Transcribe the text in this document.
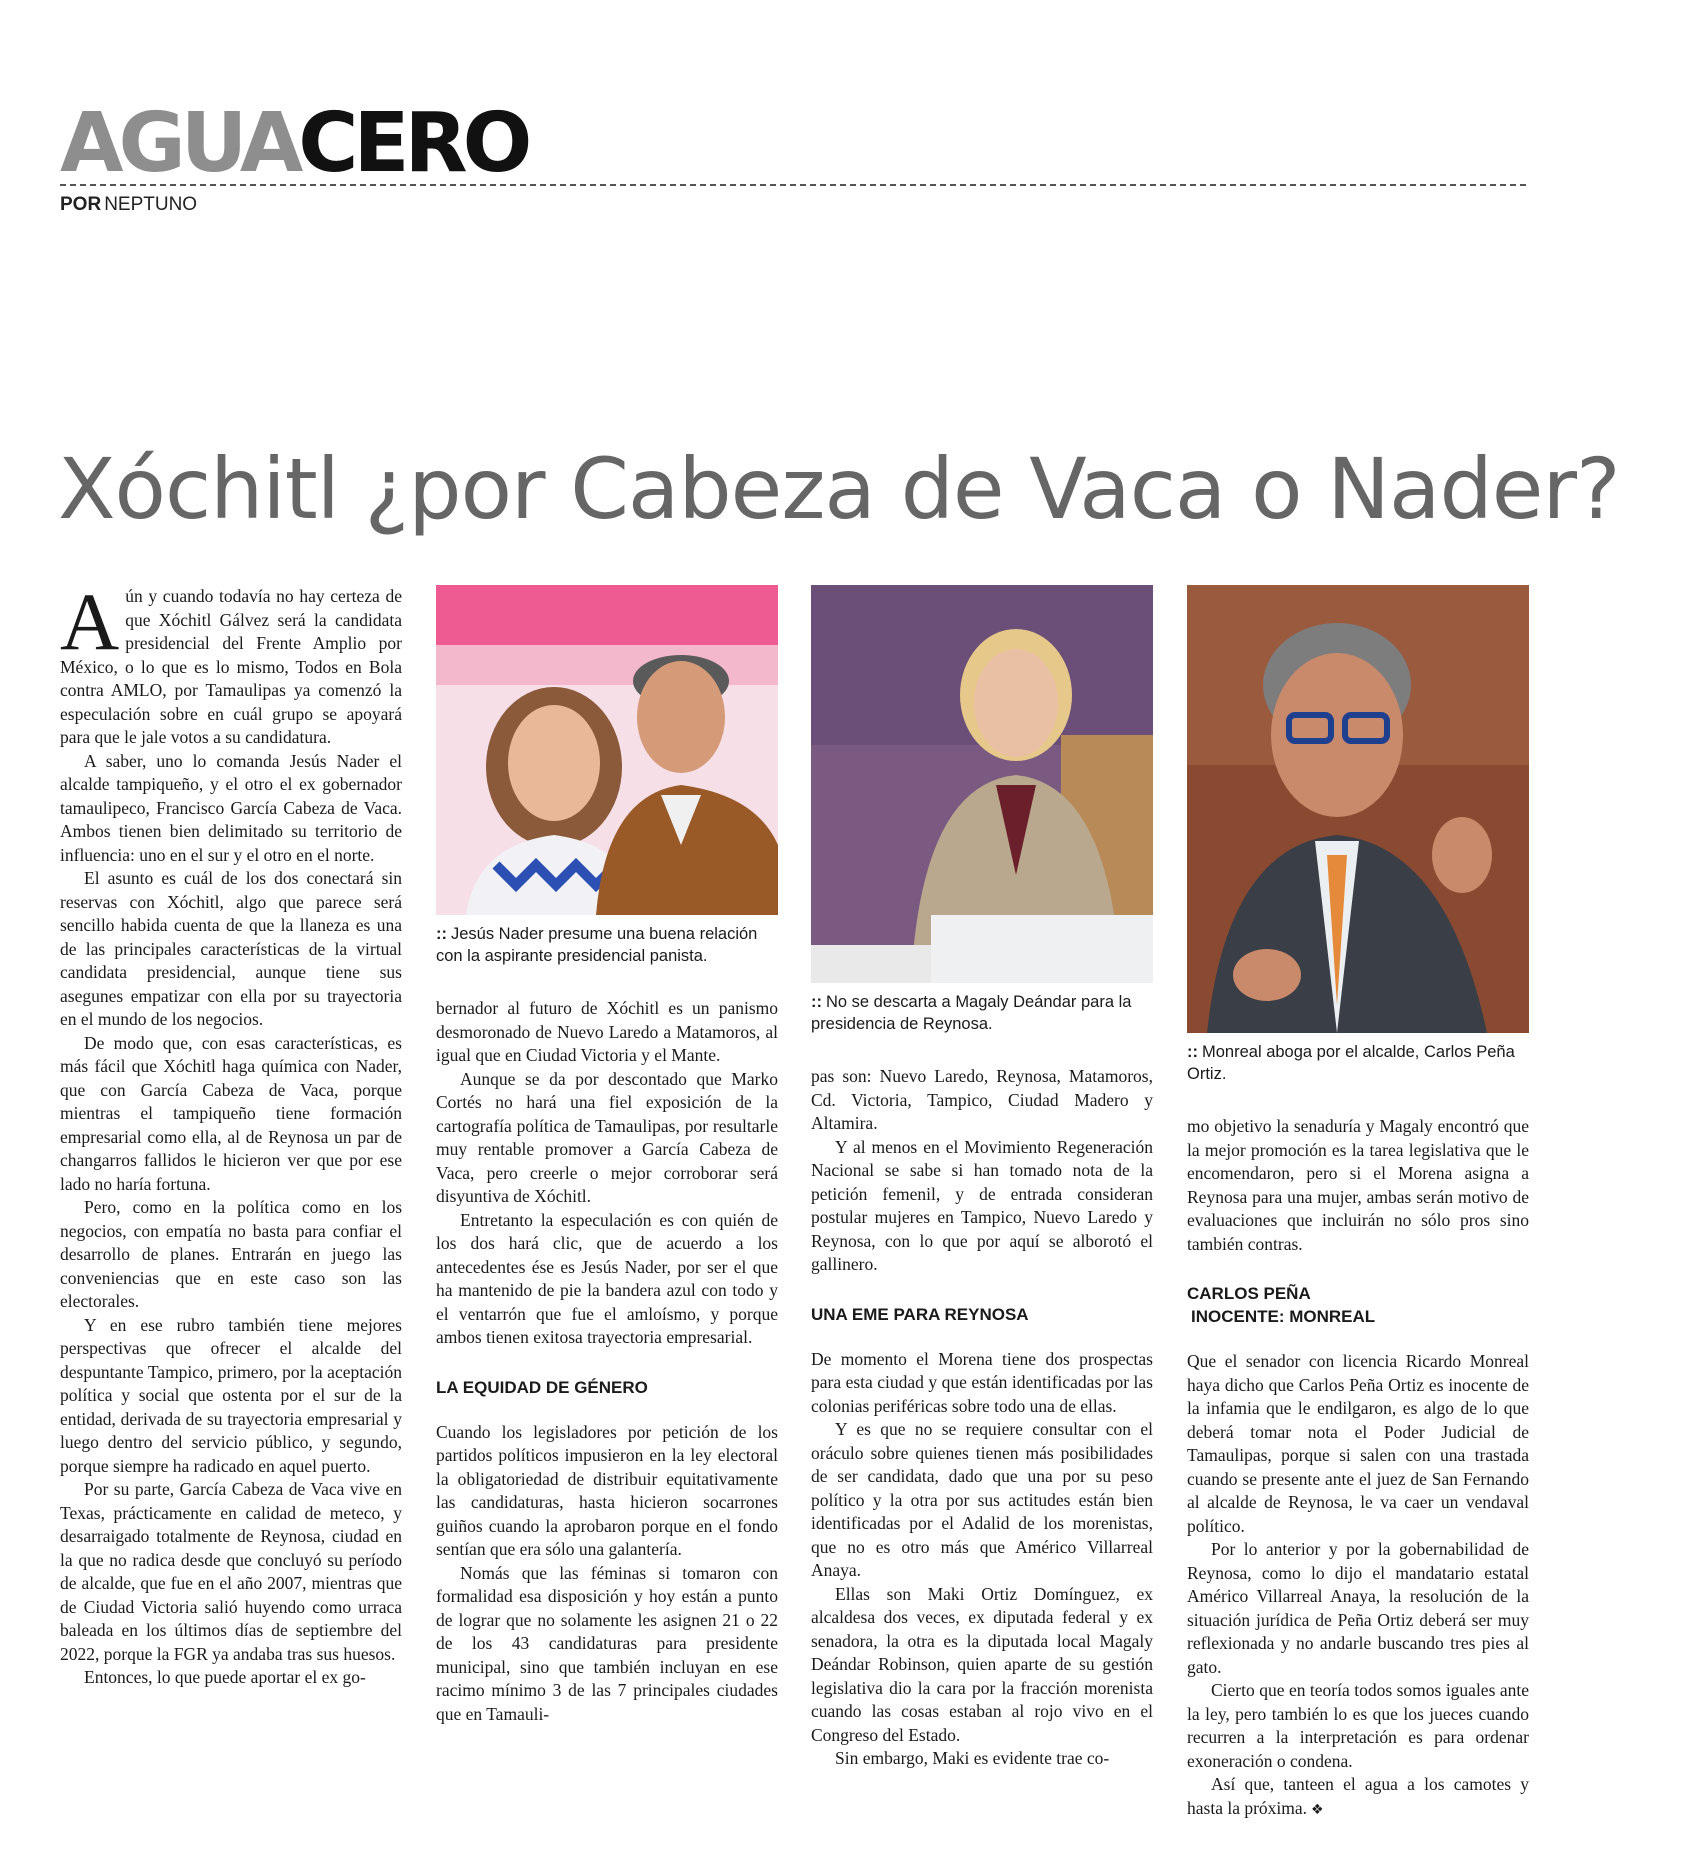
AGUACERO
POR NEPTUNO
Xóchitl ¿por Cabeza de Vaca o Nader?

Aún y cuando todavía no hay certeza de que Xóchitl Gálvez será la candidata presidencial del Frente Amplio por México, o lo que es lo mismo, Todos en Bola contra AMLO, por Tamaulipas ya comenzó la especulación sobre en cuál grupo se apoyará para que le jale votos a su candidatura.

A saber, uno lo comanda Jesús Nader el alcalde tampiqueño, y el otro el ex gobernador tamaulipeco, Francisco García Cabeza de Vaca. Ambos tienen bien delimitado su territorio de influencia: uno en el sur y el otro en el norte.

El asunto es cuál de los dos conectará sin reservas con Xóchitl, algo que parece será sencillo habida cuenta de que la llaneza es una de las principales características de la virtual candidata presidencial, aunque tiene sus asegunes empatizar con ella por su trayectoria en el mundo de los negocios.

De modo que, con esas características, es más fácil que Xóchitl haga química con Nader, que con García Cabeza de Vaca, porque mientras el tampiqueño tiene formación empresarial como ella, al de Reynosa un par de changarros fallidos le hicieron ver que por ese lado no haría fortuna.

Pero, como en la política como en los negocios, con empatía no basta para confiar el desarrollo de planes. Entrarán en juego las conveniencias que en este caso son las electorales.

Y en ese rubro también tiene mejores perspectivas que ofrecer el alcalde del despuntante Tampico, primero, por la aceptación política y social que ostenta por el sur de la entidad, derivada de su trayectoria empresarial y luego dentro del servicio público, y segundo, porque siempre ha radicado en aquel puerto.

Por su parte, García Cabeza de Vaca vive en Texas, prácticamente en calidad de meteco, y desarraigado totalmente de Reynosa, ciudad en la que no radica desde que concluyó su período de alcalde, que fue en el año 2007, mientras que de Ciudad Victoria salió huyendo como urraca baleada en los últimos días de septiembre del 2022, porque la FGR ya andaba tras sus huesos.

Entonces, lo que puede aportar el ex go-

:: Jesús Nader presume una buena relación con la aspirante presidencial panista.

bernador al futuro de Xóchitl es un panismo desmoronado de Nuevo Laredo a Matamoros, al igual que en Ciudad Victoria y el Mante.

Aunque se da por descontado que Marko Cortés no hará una fiel exposición de la cartografía política de Tamaulipas, por resultarle muy rentable promover a García Cabeza de Vaca, pero creerle o mejor corroborar será disyuntiva de Xóchitl.

Entretanto la especulación es con quién de los dos hará clic, que de acuerdo a los antecedentes ése es Jesús Nader, por ser el que ha mantenido de pie la bandera azul con todo y el ventarrón que fue el amloísmo, y porque ambos tienen exitosa trayectoria empresarial.

LA EQUIDAD DE GÉNERO

Cuando los legisladores por petición de los partidos políticos impusieron en la ley electoral la obligatoriedad de distribuir equitativamente las candidaturas, hasta hicieron socarrones guiños cuando la aprobaron porque en el fondo sentían que era sólo una galantería.

Nomás que las féminas si tomaron con formalidad esa disposición y hoy están a punto de lograr que no solamente les asignen 21 o 22 de los 43 candidaturas para presidente municipal, sino que también incluyan en ese racimo mínimo 3 de las 7 principales ciudades que en Tamauli-

:: No se descarta a Magaly Deándar para la presidencia de Reynosa.

pas son: Nuevo Laredo, Reynosa, Matamoros, Cd. Victoria, Tampico, Ciudad Madero y Altamira.

Y al menos en el Movimiento Regeneración Nacional se sabe si han tomado nota de la petición femenil, y de entrada consideran postular mujeres en Tampico, Nuevo Laredo y Reynosa, con lo que por aquí se alborotó el gallinero.

UNA EME PARA REYNOSA

De momento el Morena tiene dos prospectas para esta ciudad y que están identificadas por las colonias periféricas sobre todo una de ellas.

Y es que no se requiere consultar con el oráculo sobre quienes tienen más posibilidades de ser candidata, dado que una por su peso político y la otra por sus actitudes están bien identificadas por el Adalid de los morenistas, que no es otro más que Américo Villarreal Anaya.

Ellas son Maki Ortiz Domínguez, ex alcaldesa dos veces, ex diputada federal y ex senadora, la otra es la diputada local Magaly Deándar Robinson, quien aparte de su gestión legislativa dio la cara por la fracción morenista cuando las cosas estaban al rojo vivo en el Congreso del Estado.

Sin embargo, Maki es evidente trae co-

:: Monreal aboga por el alcalde, Carlos Peña Ortiz.

mo objetivo la senaduría y Magaly encontró que la mejor promoción es la tarea legislativa que le encomendaron, pero si el Morena asigna a Reynosa para una mujer, ambas serán motivo de evaluaciones que incluirán no sólo pros sino también contras.

CARLOS PEÑA
INOCENTE: MONREAL

Que el senador con licencia Ricardo Monreal haya dicho que Carlos Peña Ortiz es inocente de la infamia que le endilgaron, es algo de lo que deberá tomar nota el Poder Judicial de Tamaulipas, porque si salen con una trastada cuando se presente ante el juez de San Fernando al alcalde de Reynosa, le va caer un vendaval político.

Por lo anterior y por la gobernabilidad de Reynosa, como lo dijo el mandatario estatal Américo Villarreal Anaya, la resolución de la situación jurídica de Peña Ortiz deberá ser muy reflexionada y no andarle buscando tres pies al gato.

Cierto que en teoría todos somos iguales ante la ley, pero también lo es que los jueces cuando recurren a la interpretación es para ordenar exoneración o condena.

Así que, tanteen el agua a los camotes y hasta la próxima. ❖
